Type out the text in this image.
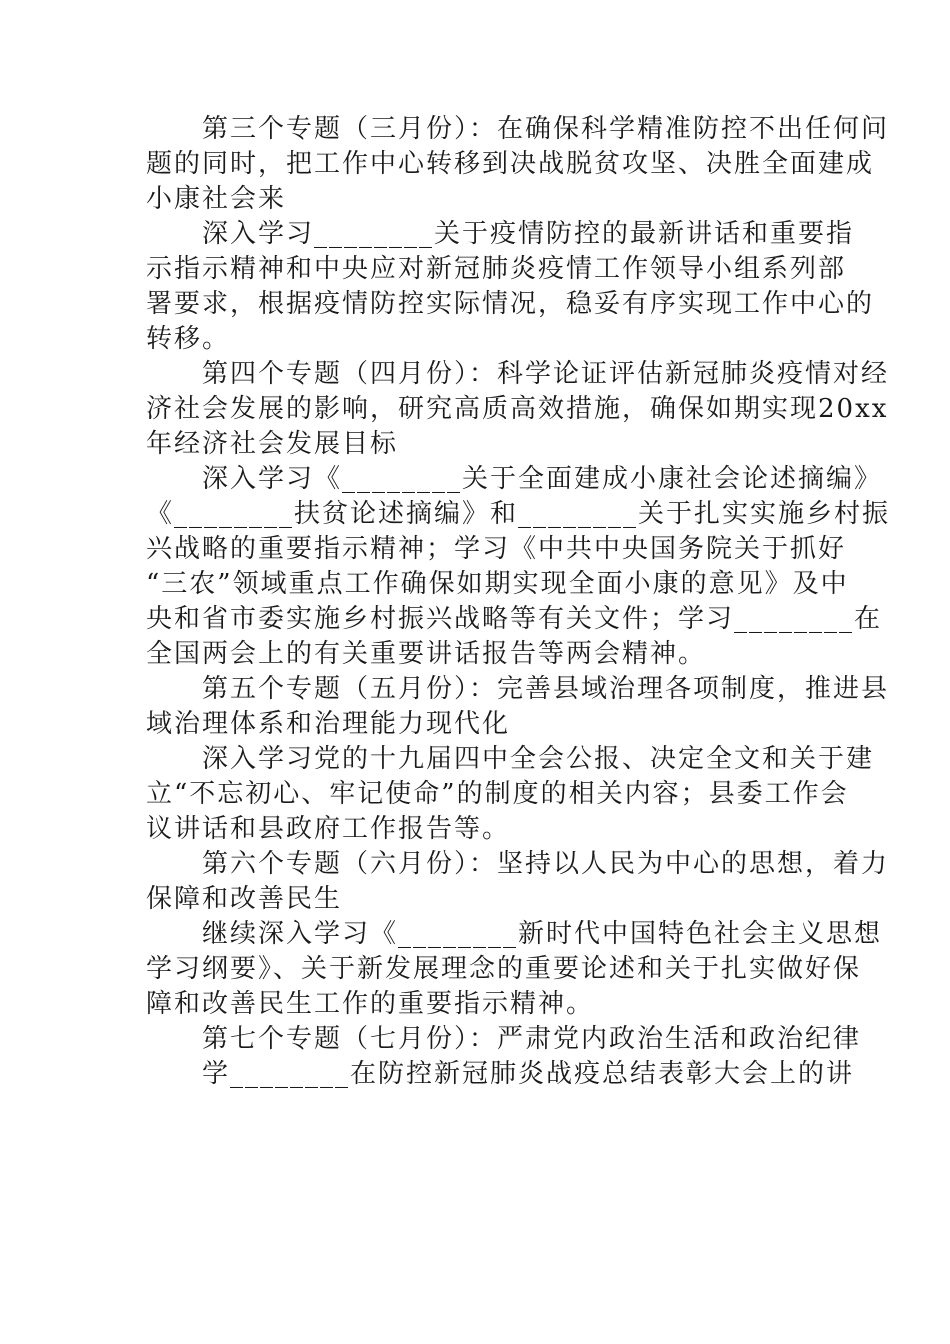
第三个专题（三月份）：在确保科学精准防控不出任何问
题的同时，把工作中心转移到决战脱贫攻坚、决胜全面建成
小康社会来
深入学习________关于疫情防控的最新讲话和重要指
示指示精神和中央应对新冠肺炎疫情工作领导小组系列部
署要求，根据疫情防控实际情况，稳妥有序实现工作中心的
转移。
第四个专题（四月份）：科学论证评估新冠肺炎疫情对经
济社会发展的影响，研究高质高效措施，确保如期实现20xx
年经济社会发展目标
深入学习《________关于全面建成小康社会论述摘编》
《________扶贫论述摘编》和________关于扎实实施乡村振
兴战略的重要指示精神；学习《中共中央国务院关于抓好
“三农”领域重点工作确保如期实现全面小康的意见》及中
央和省市委实施乡村振兴战略等有关文件；学习________在
全国两会上的有关重要讲话报告等两会精神。
第五个专题（五月份）：完善县域治理各项制度，推进县
域治理体系和治理能力现代化
深入学习党的十九届四中全会公报、决定全文和关于建
立“不忘初心、牢记使命”的制度的相关内容；县委工作会
议讲话和县政府工作报告等。
第六个专题（六月份）：坚持以人民为中心的思想，着力
保障和改善民生
继续深入学习《________新时代中国特色社会主义思想
学习纲要》、关于新发展理念的重要论述和关于扎实做好保
障和改善民生工作的重要指示精神。
第七个专题（七月份）：严肃党内政治生活和政治纪律
学________在防控新冠肺炎战疫总结表彰大会上的讲
